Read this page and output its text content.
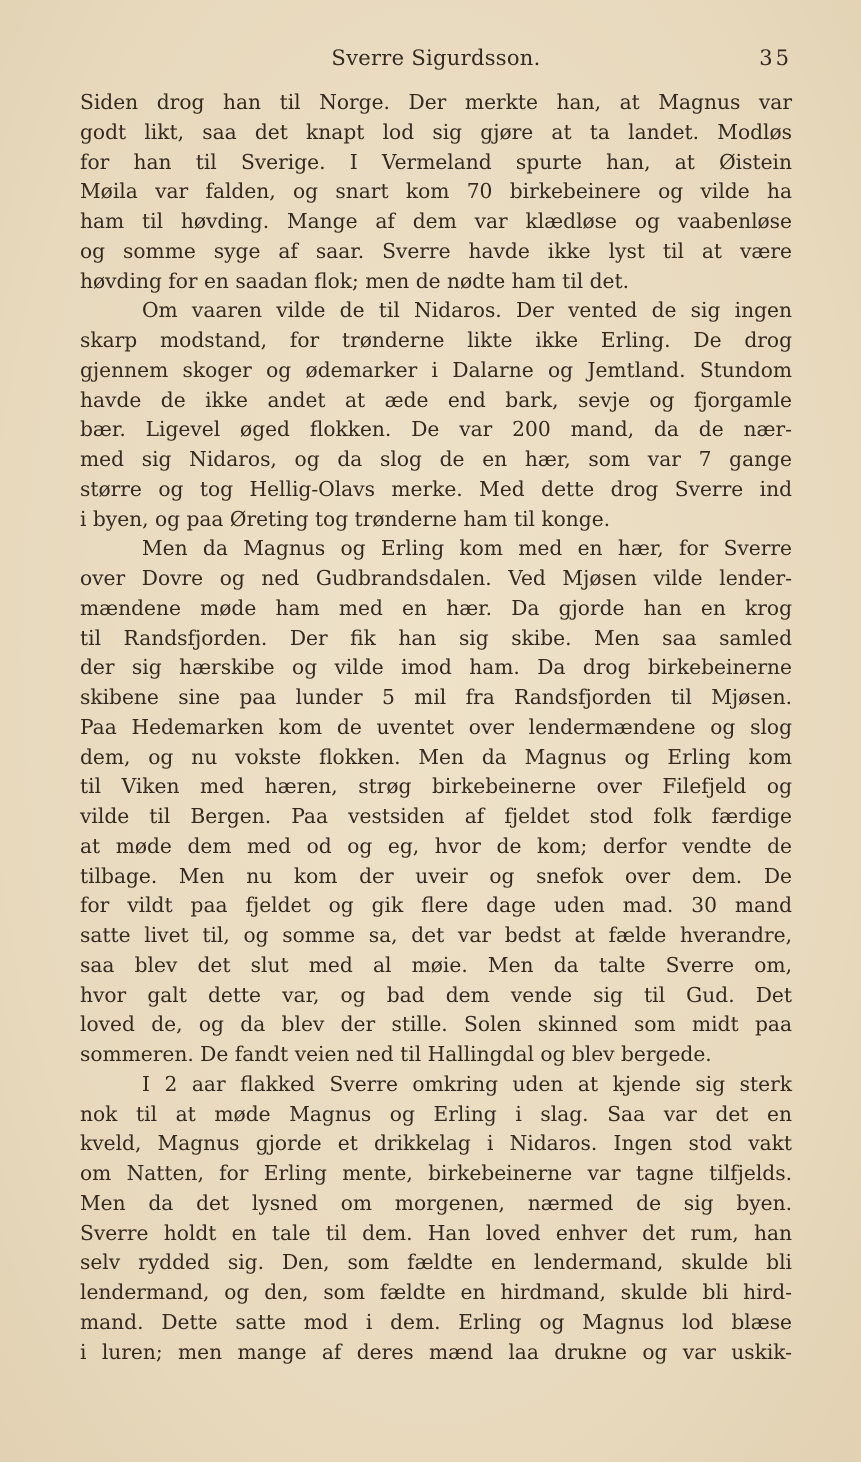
Sverre Sigurdsson.	35
Siden drog han til Norge. Der merkte han, at Magnus var
godt likt, saa det knapt lod sig gjøre at ta landet. Modløs
for han til Sverige. I Vermeland spurte han, at Øistein
Møila var falden, og snart kom 70 birkebeinere og vilde ha
ham til høvding. Mange af dem var klædløse og vaabenløse
og somme syge af saar. Sverre havde ikke lyst til at være
høvding for en saadan flok; men de nødte ham til det.
Om vaaren vilde de til Nidaros. Der vented de sig ingen
skarp modstand, for trønderne likte ikke Erling. De drog
gjennem skoger og ødemarker i Dalarne og Jemtland. Stundom
havde de ikke andet at æde end bark, sevje og fjorgamle
bær. Ligevel øged flokken. De var 200 mand, da de nær-
med sig Nidaros, og da slog de en hær, som var 7 gange
større og tog Hellig-Olavs merke. Med dette drog Sverre ind
i byen, og paa Øreting tog trønderne ham til konge.
Men da Magnus og Erling kom med en hær, for Sverre
over Dovre og ned Gudbrandsdalen. Ved Mjøsen vilde lender-
mændene møde ham med en hær. Da gjorde han en krog
til Randsfjorden. Der fik han sig skibe. Men saa samled
der sig hærskibe og vilde imod ham. Da drog birkebeinerne
skibene sine paa lunder 5 mil fra Randsfjorden til Mjøsen.
Paa Hedemarken kom de uventet over lendermændene og slog
dem, og nu vokste flokken. Men da Magnus og Erling kom
til Viken med hæren, strøg birkebeinerne over Filefjeld og
vilde til Bergen. Paa vestsiden af fjeldet stod folk færdige
at møde dem med od og eg, hvor de kom; derfor vendte de
tilbage. Men nu kom der uveir og snefok over dem. De
for vildt paa fjeldet og gik flere dage uden mad. 30 mand
satte livet til, og somme sa, det var bedst at fælde hverandre,
saa blev det slut med al møie. Men da talte Sverre om,
hvor galt dette var, og bad dem vende sig til Gud. Det
loved de, og da blev der stille. Solen skinned som midt paa
sommeren. De fandt veien ned til Hallingdal og blev bergede.
I 2 aar flakked Sverre omkring uden at kjende sig sterk
nok til at møde Magnus og Erling i slag. Saa var det en
kveld, Magnus gjorde et drikkelag i Nidaros. Ingen stod vakt
om Natten, for Erling mente, birkebeinerne var tagne tilfjelds.
Men da det lysned om morgenen, nærmed de sig byen.
Sverre holdt en tale til dem. Han loved enhver det rum, han
selv rydded sig. Den, som fældte en lendermand, skulde bli
lendermand, og den, som fældte en hirdmand, skulde bli hird-
mand. Dette satte mod i dem. Erling og Magnus lod blæse
i luren; men mange af deres mænd laa drukne og var uskik-
